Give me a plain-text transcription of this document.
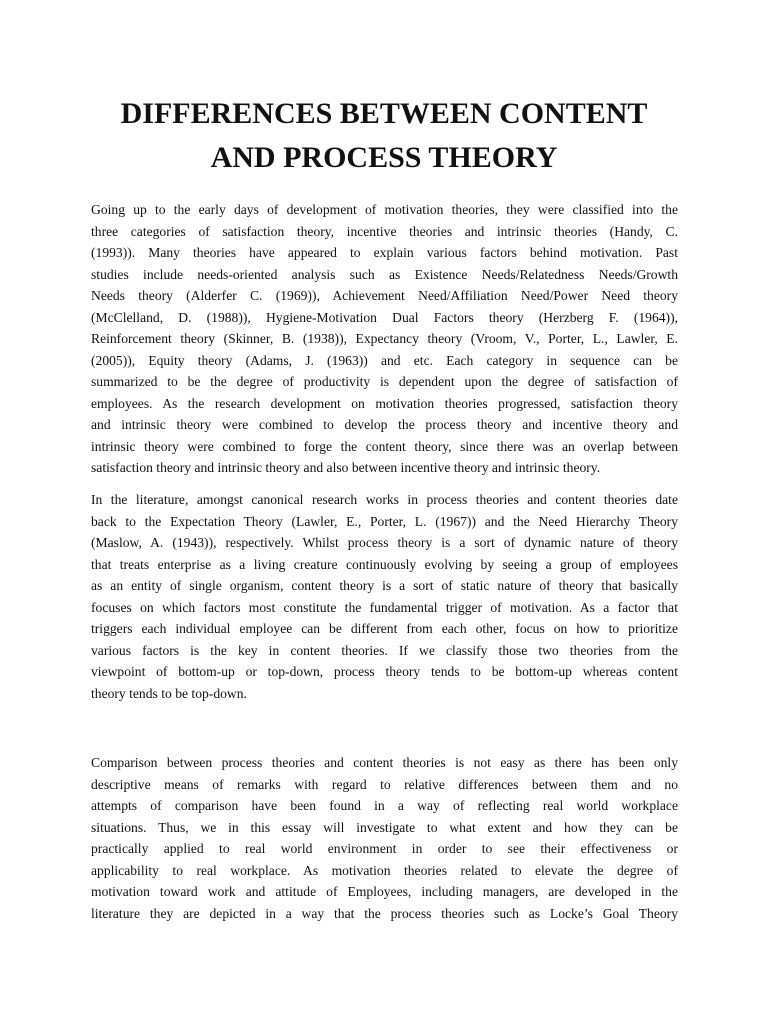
DIFFERENCES BETWEEN CONTENT
AND PROCESS THEORY
Going up to the early days of development of motivation theories, they were classified into the
three categories of satisfaction theory, incentive theories and intrinsic theories (Handy, C.
(1993)). Many theories have appeared to explain various factors behind motivation. Past
studies include needs-oriented analysis such as Existence Needs/Relatedness Needs/Growth
Needs theory (Alderfer C. (1969)), Achievement Need/Affiliation Need/Power Need theory
(McClelland, D. (1988)), Hygiene-Motivation Dual Factors theory (Herzberg F. (1964)),
Reinforcement theory (Skinner, B. (1938)), Expectancy theory (Vroom, V., Porter, L., Lawler, E.
(2005)), Equity theory (Adams, J. (1963)) and etc. Each category in sequence can be
summarized to be the degree of productivity is dependent upon the degree of satisfaction of
employees. As the research development on motivation theories progressed, satisfaction theory
and intrinsic theory were combined to develop the process theory and incentive theory and
intrinsic theory were combined to forge the content theory, since there was an overlap between
satisfaction theory and intrinsic theory and also between incentive theory and intrinsic theory.
In the literature, amongst canonical research works in process theories and content theories date
back to the Expectation Theory (Lawler, E., Porter, L. (1967)) and the Need Hierarchy Theory
(Maslow, A. (1943)), respectively. Whilst process theory is a sort of dynamic nature of theory
that treats enterprise as a living creature continuously evolving by seeing a group of employees
as an entity of single organism, content theory is a sort of static nature of theory that basically
focuses on which factors most constitute the fundamental trigger of motivation. As a factor that
triggers each individual employee can be different from each other, focus on how to prioritize
various factors is the key in content theories. If we classify those two theories from the
viewpoint of bottom-up or top-down, process theory tends to be bottom-up whereas content
theory tends to be top-down.
Comparison between process theories and content theories is not easy as there has been only
descriptive means of remarks with regard to relative differences between them and no
attempts of comparison have been found in a way of reflecting real world workplace
situations. Thus, we in this essay will investigate to what extent and how they can be
practically applied to real world environment in order to see their effectiveness or
applicability to real workplace. As motivation theories related to elevate the degree of
motivation toward work and attitude of Employees, including managers, are developed in the
literature they are depicted in a way that the process theories such as Locke’s Goal Theory
